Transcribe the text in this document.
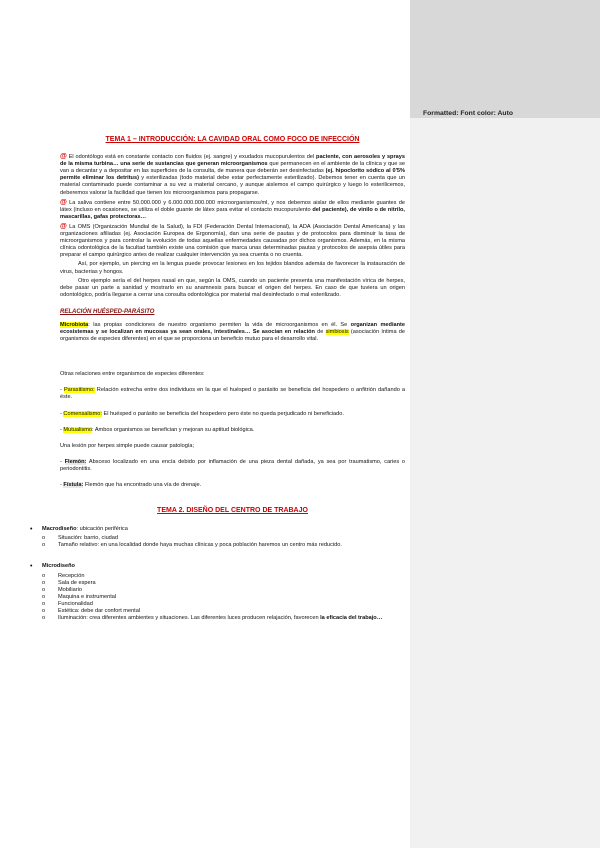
TEMA 1 – INTRODUCCIÓN: LA CAVIDAD ORAL COMO FOCO DE INFECCIÓN

@ El odontólogo está en constante contacto con fluidos (ej. sangre) y exudados mucopurulentos del paciente, con aerosoles y sprays de la misma turbina… una serie de sustancias que generan microorganismos que permanecen en el ambiente de la clínica y que se van a decantar y a depositar en las superficies de la consulta, de manera que deberán ser desinfectadas (ej. hipoclorito sódico al 0'5% permite eliminar los detritus) y esterilizadas (todo material debe estar perfectamente esterilizado). Debemos tener en cuenta que un material contaminado puede contaminar a su vez a material cercano, y aunque aislemos el campo quirúrgico y luego lo esterilicemos, deberemos valorar la facilidad que tienen los microorganismos para propagarse.

@ La saliva contiene entre 50.000.000 y 6.000.000.000.000 microorganismos/ml, y nos debemos aislar de ellos mediante guantes de látex (incluso en ocasiones, se utiliza el doble guante de látex para evitar el contacto mucopurulento del paciente), de vinilo o de nitrilo, mascarillas, gafas protectoras…

@ La OMS (Organización Mundial de la Salud), la FDI (Federación Dental Internacional), la ADA (Asociación Dental Americana) y las organizaciones afiliadas (ej. Asociación Europea de Ergonomía), dan una serie de pautas y de protocolos para disminuir la tasa de microorganismos y para controlar la evolución de todas aquellas enfermedades causadas por dichos organismos. Además, en la misma clínica odontológica de la facultad también existe una comisión que marca unas determinadas pautas y protocolos de asepsia útiles para preparar el campo quirúrgico antes de realizar cualquier intervención ya sea cruenta o no cruenta.

Así, por ejemplo, un piercing en la lengua puede provocar lesiones en los tejidos blandos además de favorecer la instauración de virus, bacterias y hongos.

Otro ejemplo sería el del herpes nasal en que, según la OMS, cuando un paciente presenta una manifestación vírica de herpes, debe pasar un parte a sanidad y mostrarlo en su anamnesis para buscar el origen del herpes. En caso de que tuviera un origen odontológico, podría llegarse a cerrar una consulta odontológica por material mal desinfectado o mal esterilizado.

RELACIÓN HUÉSPED-PARÁSITO

Microbiota: las propias condiciones de nuestro organismo permiten la vida de microorganismos en él. Se organizan mediante ecosistemas y se localizan en mucosas ya sean orales, intestinales… Se asocian en relación de simbiosis (asociación íntima de organismos de especies diferentes) en el que se proporciona un beneficio mutuo para el desarrollo vital.

Otras relaciones entre organismos de especies diferentes:

- Parasitismo: Relación estrecha entre dos individuos en la que el huésped o parásito se beneficia del hospedero o anfitrión dañando a éste.

- Comensalismo: El huésped o parásito se beneficia del hospedero pero éste no queda perjudicado ni beneficiado.

- Mutualismo: Ambos organismos se benefician y mejoran su aptitud biológica.

Una lesión por herpes simple puede causar patología;

- Flemón: Absceso localizado en una encía debido por inflamación de una pieza dental dañada, ya sea por traumatismo, caries o periodontitis.

- Fístula: Flemón que ha encontrado una vía de drenaje.

TEMA 2. DISEÑO DEL CENTRO DE TRABAJO
• Macrodiseño: ubicación periférica
o Situación: barrio, ciudad
o Tamaño relativo: en una localidad donde haya muchas clínicas y poca población haremos un centro más reducido.
• Microdiseño
o Recepción
o Sala de espera
o Mobiliario
o Maquina e instrumental
o Funcionalidad
o Estética: debe dar confort mental
o Iluminación: crea diferentes ambientes y situaciones. Las diferentes luces producen relajación, favorecen la eficacia del trabajo…
Formatted: Font color: Auto
